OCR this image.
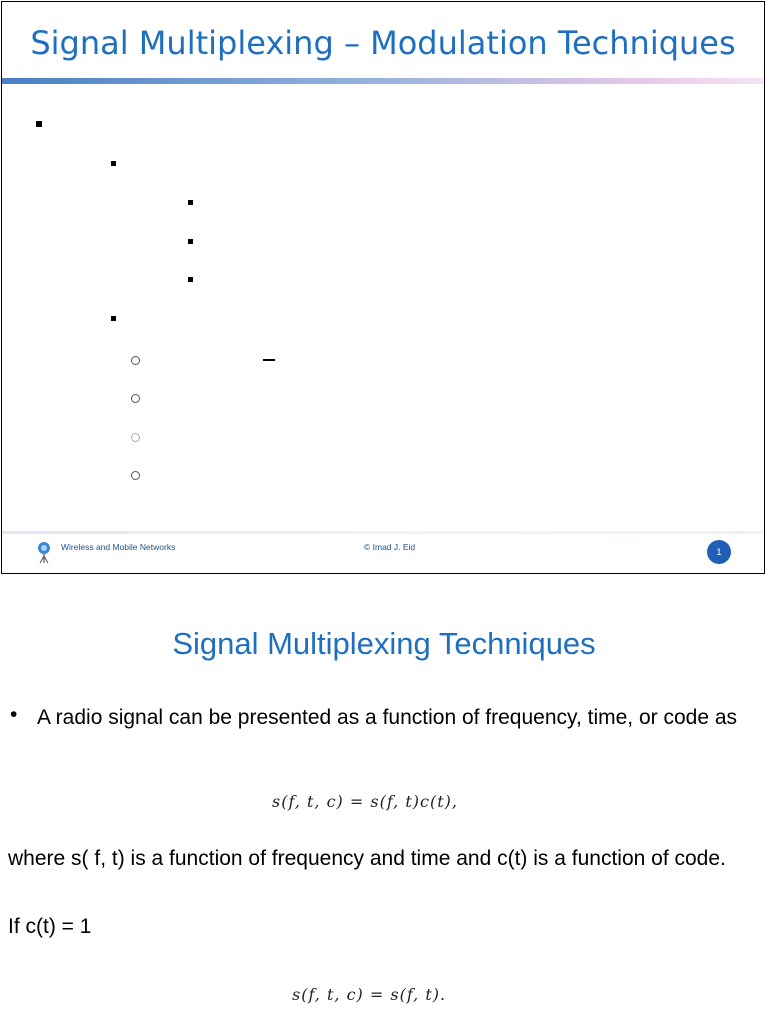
Signal Multiplexing – Modulation Techniques
Wireless and Mobile Networks	© Imad J. Eid	1
Signal Multiplexing Techniques
• A radio signal can be presented as a function of frequency, time, or code as
s(f, t, c) = s(f, t)c(t),
where s( f, t) is a function of frequency and time and c(t) is a function of code.
If c(t) = 1
s(f, t, c) = s(f, t).
